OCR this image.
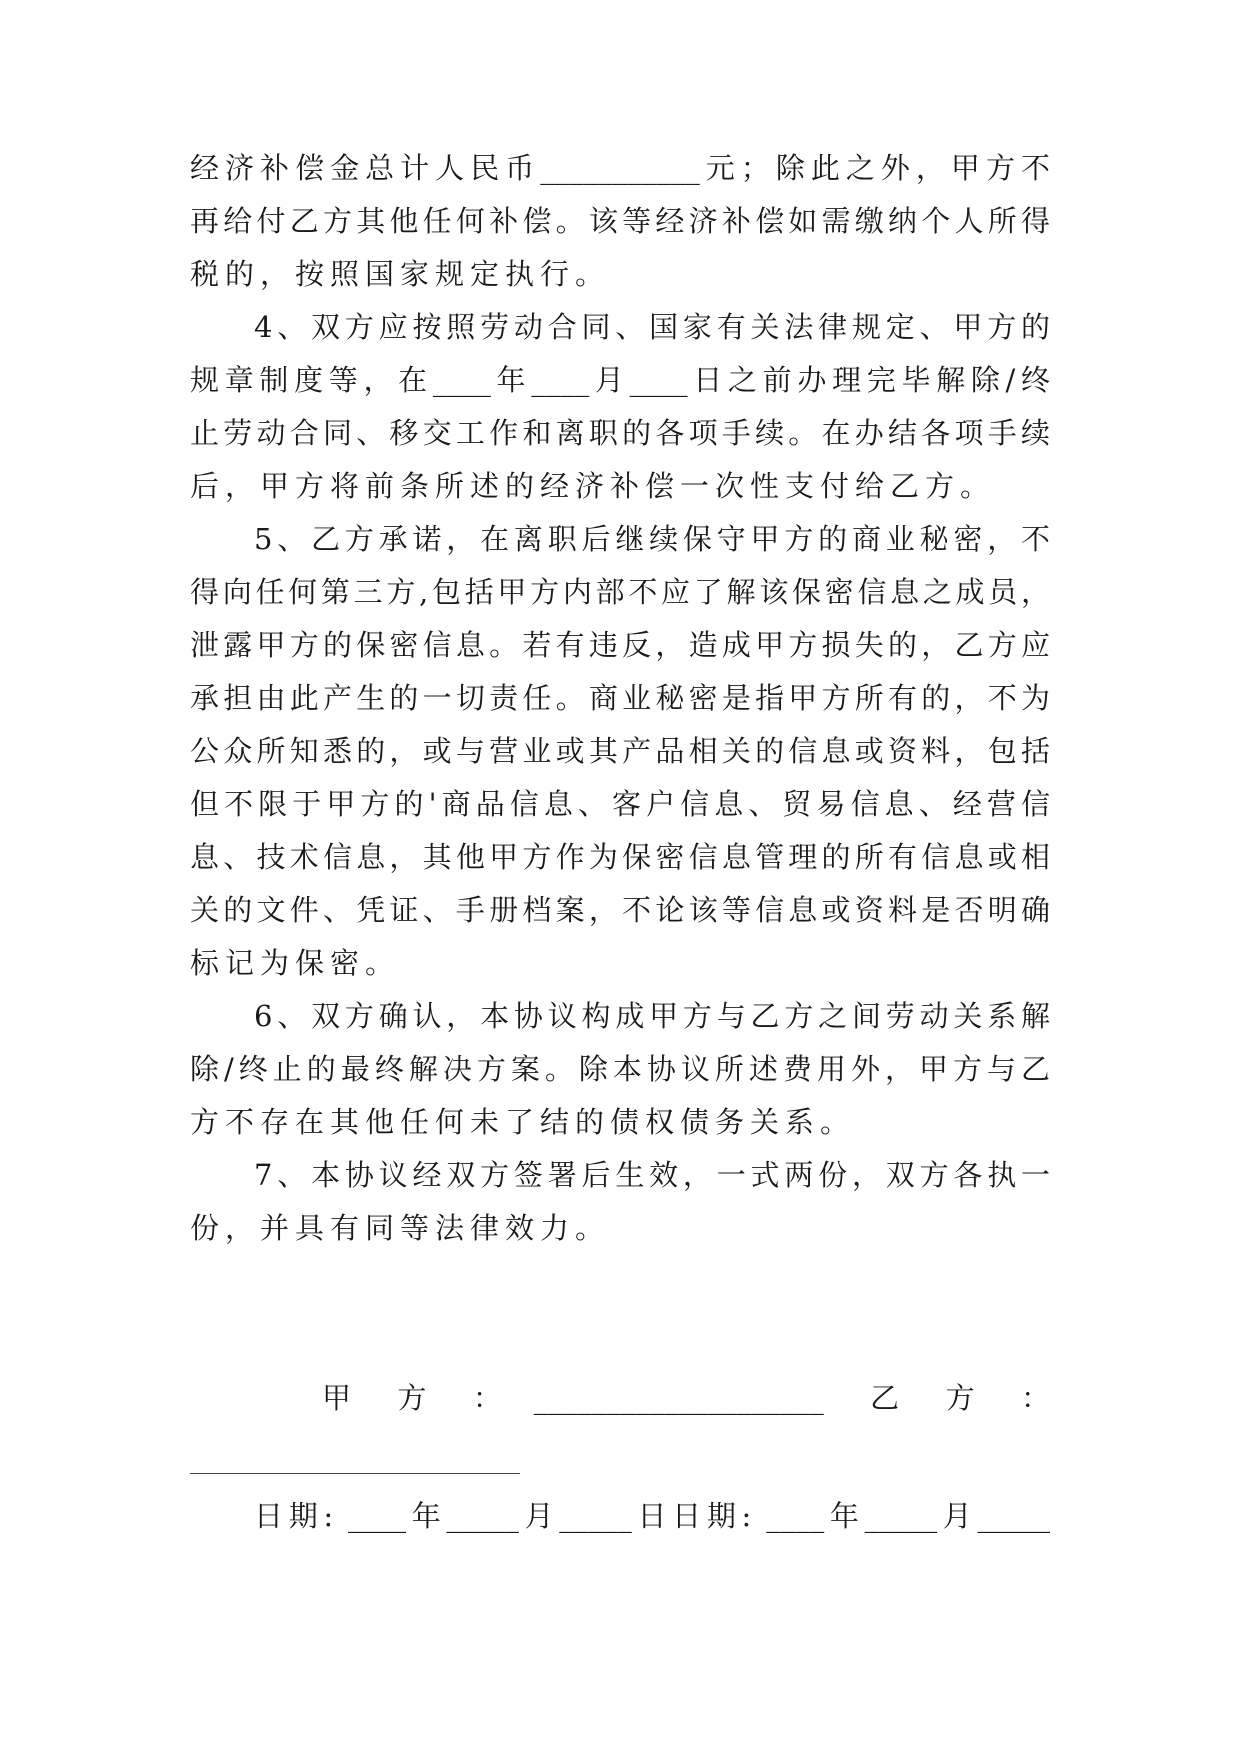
经济补偿金总计人民币___________元；除此之外，甲方不
再给付乙方其他任何补偿。该等经济补偿如需缴纳个人所得
税的，按照国家规定执行。
4、双方应按照劳动合同、国家有关法律规定、甲方的
规章制度等，在____年____月____日之前办理完毕解除/终
止劳动合同、移交工作和离职的各项手续。在办结各项手续
后，甲方将前条所述的经济补偿一次性支付给乙方。
5、乙方承诺，在离职后继续保守甲方的商业秘密，不
得向任何第三方,包括甲方内部不应了解该保密信息之成员，
泄露甲方的保密信息。若有违反，造成甲方损失的，乙方应
承担由此产生的一切责任。商业秘密是指甲方所有的，不为
公众所知悉的，或与营业或其产品相关的信息或资料，包括
但不限于甲方的'商品信息、客户信息、贸易信息、经营信
息、技术信息，其他甲方作为保密信息管理的所有信息或相
关的文件、凭证、手册档案，不论该等信息或资料是否明确
标记为保密。
6、双方确认，本协议构成甲方与乙方之间劳动关系解
除/终止的最终解决方案。除本协议所述费用外，甲方与乙
方不存在其他任何未了结的债权债务关系。
7、本协议经双方签署后生效，一式两份，双方各执一
份，并具有同等法律效力。
甲　方　：　____________________　乙　方　：
日期: ____年_____月_____日日期: ____年_____月_____
